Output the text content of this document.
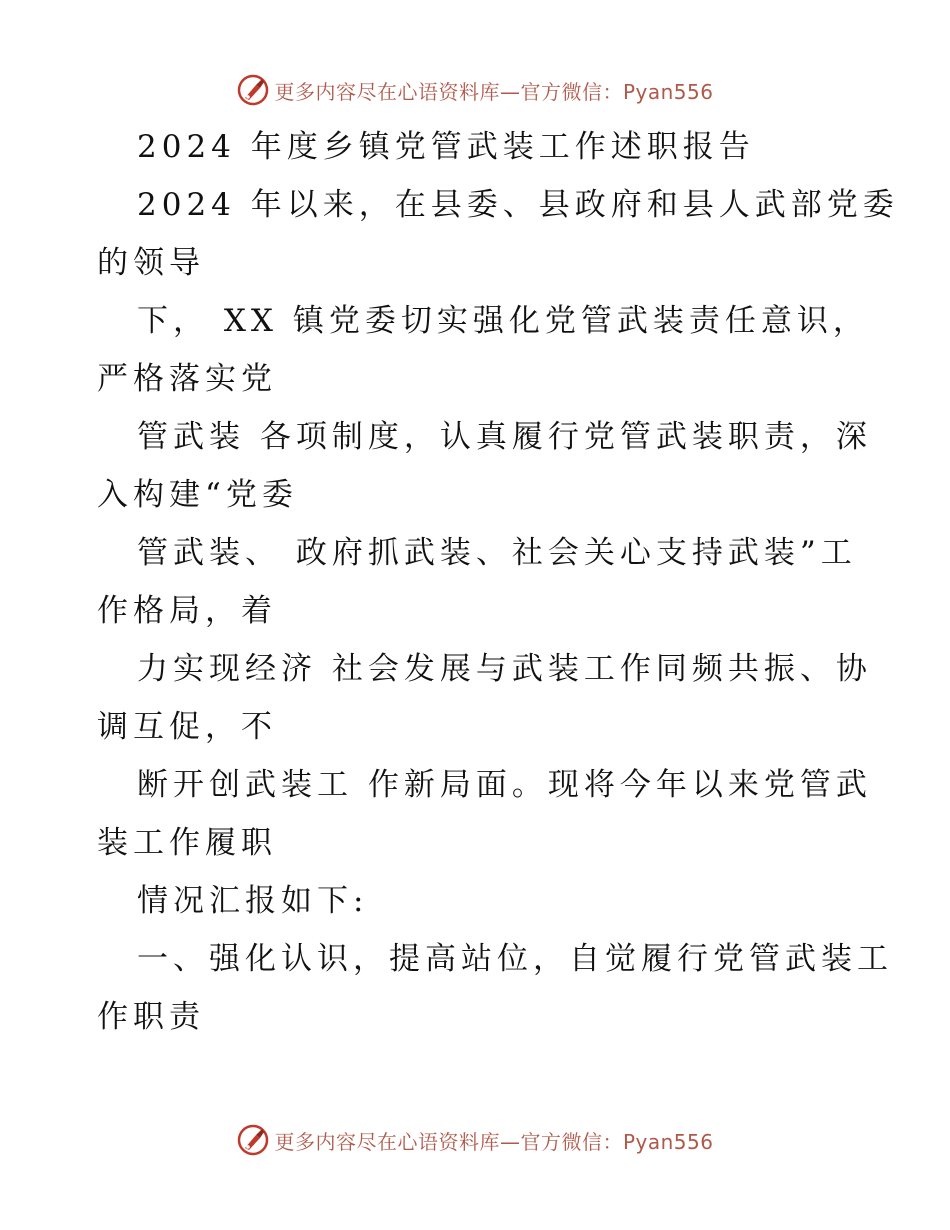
更多内容尽在心语资料库—官方微信：Pyan556
2024 年度乡镇党管武装工作述职报告
2024 年以来，在县委、县政府和县人武部党委
的领导
下， XX 镇党委切实强化党管武装责任意识，
严格落实党
管武装 各项制度，认真履行党管武装职责，深
入构建“党委
管武装、 政府抓武装、社会关心支持武装”工
作格局，着
力实现经济 社会发展与武装工作同频共振、协
调互促，不
断开创武装工 作新局面。现将今年以来党管武
装工作履职
情况汇报如下:
一、强化认识，提高站位，自觉履行党管武装工
作职责
更多内容尽在心语资料库—官方微信：Pyan556
